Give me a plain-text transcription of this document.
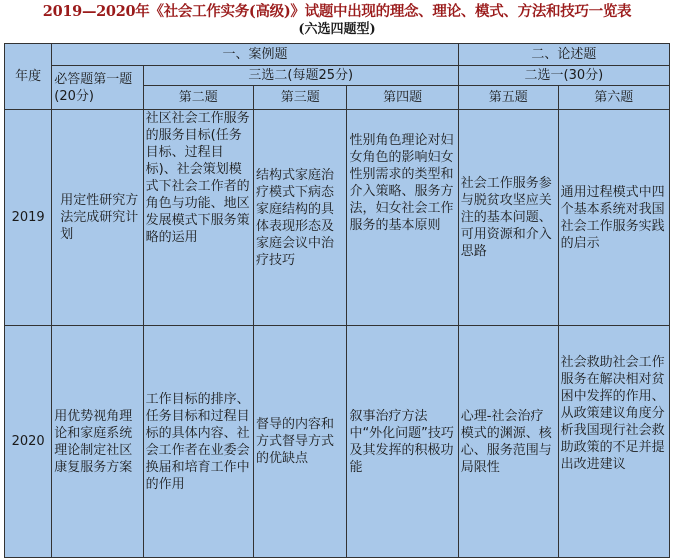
2019—2020年《社会工作实务(高级)》试题中出现的理念、理论、模式、方法和技巧一览表
(六选四题型)
年度	一、案例题				二、论述题	

	必答题第一题(20分)	三选二(每题25分)			二选一(30分)	
		第二题	第三题	第四题	第五题	第六题
2019	用定性研究方法完成研究计划	社区社会工作服务的服务目标(任务目标、过程目标)、社会策划模式下社会工作者的角色与功能、地区发展模式下服务策略的运用	结构式家庭治疗模式下病态家庭结构的具体表现形态及家庭会议中治疗技巧	性别角色理论对妇女角色的影响妇女性别需求的类型和介入策略、服务方法，妇女社会工作服务的基本原则	社会工作服务参与脱贫攻坚应关注的基本问题、可用资源和介入思路	通用过程模式中四个基本系统对我国社会工作服务实践的启示

2020	用优势视角理论和家庭系统理论制定社区康复服务方案	工作目标的排序、任务目标和过程目标的具体内容、社会工作者在业委会换届和培育工作中的作用	督导的内容和方式督导方式的优缺点	叙事治疗方法中“外化问题”技巧及其发挥的积极功能	心理-社会治疗模式的渊源、核心、服务范围与局限性	社会救助社会工作服务在解决相对贫困中发挥的作用、从政策建议角度分析我国现行社会救助政策的不足并提出改进建议
